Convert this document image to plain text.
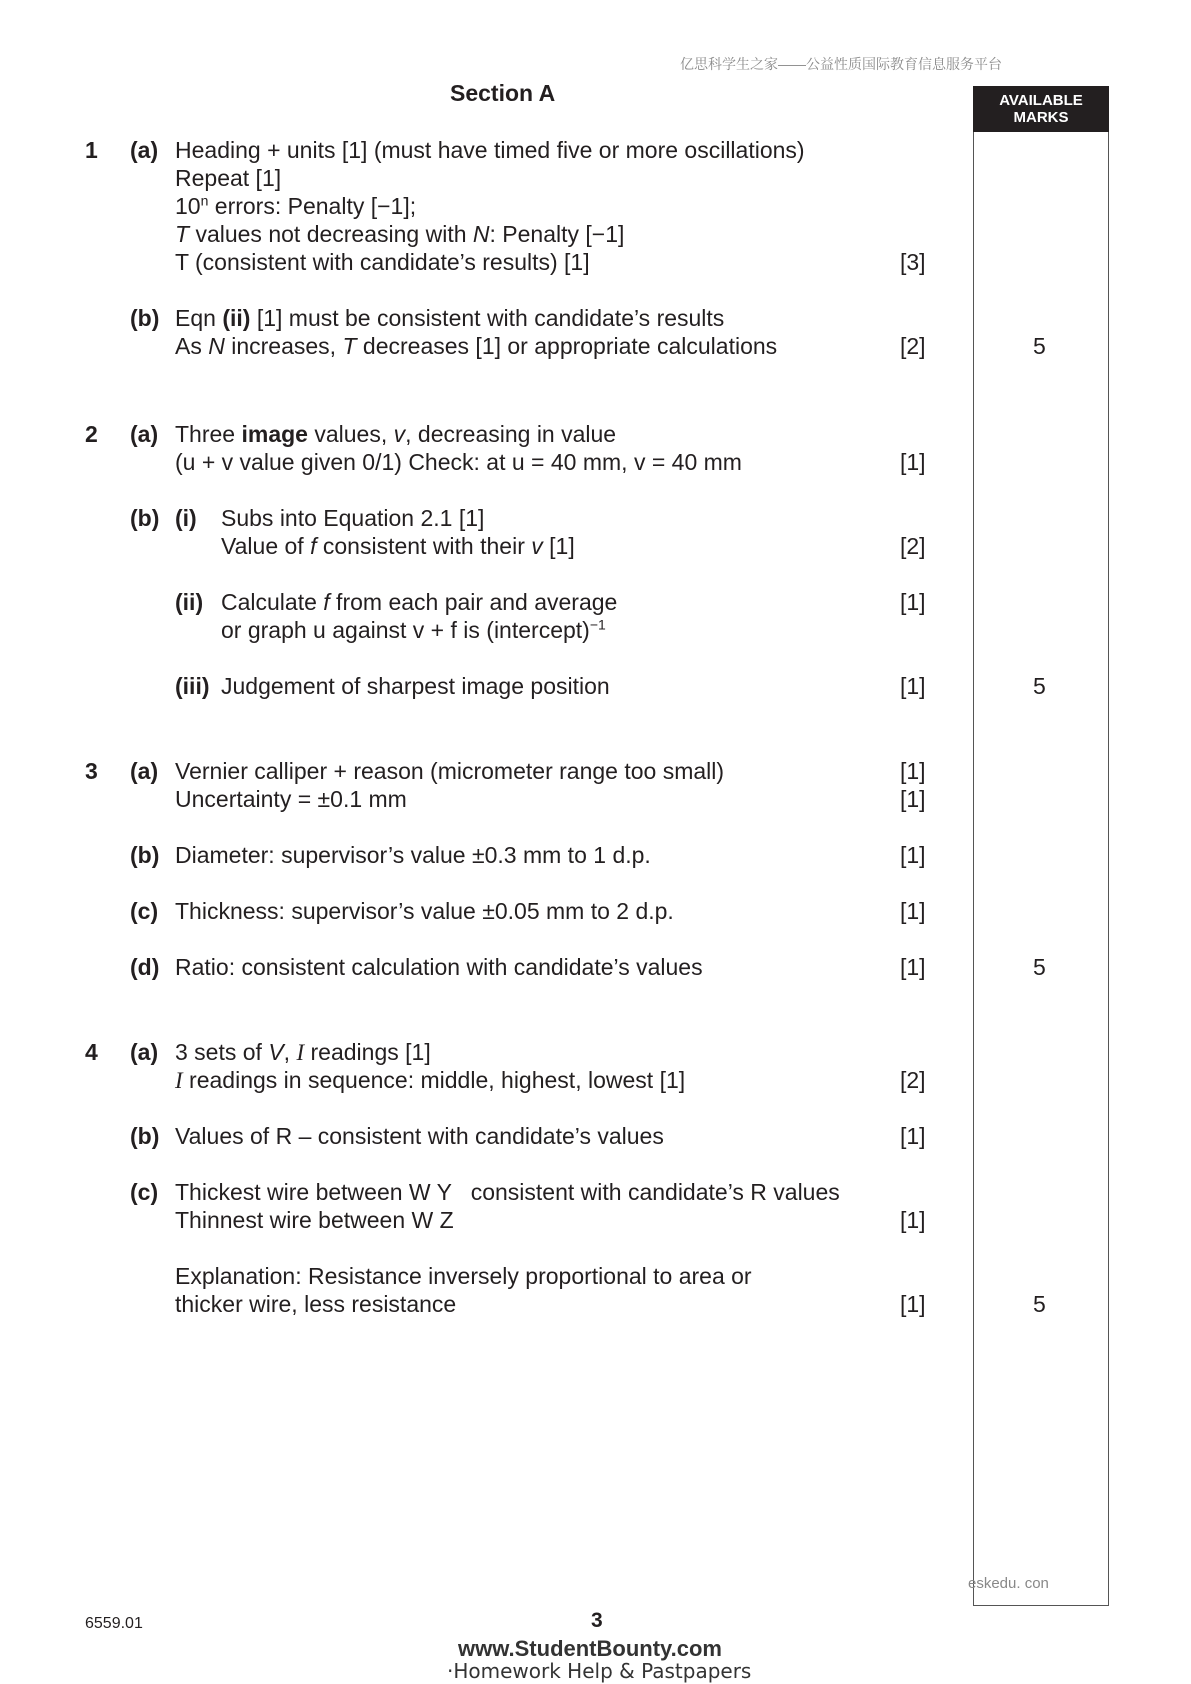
亿思科学生之家——公益性质国际教育信息服务平台
Section A	AVAILABLE
MARKS
1 (a) Heading + units [1] (must have timed five or more oscillations)
Repeat [1]
10$^n$ errors: Penalty [−1];
T values not decreasing with N: Penalty [−1]
T (consistent with candidate’s results) [1]	[3]
(b) Eqn (ii) [1] must be consistent with candidate’s results
As N increases, T decreases [1] or appropriate calculations	[2]	5
2 (a) Three image values, v, decreasing in value
(u + v value given 0/1) Check: at u = 40 mm, v = 40 mm	[1]
(b) (i) Subs into Equation 2.1 [1]
Value of f consistent with their v [1]	[2]
(ii) Calculate f from each pair and average	[1]
or graph u against v + f is (intercept)$^{-1}$
(iii) Judgement of sharpest image position	[1]	5
3 (a) Vernier calliper + reason (micrometer range too small)	[1]
Uncertainty = ±0.1 mm	[1]
(b) Diameter: supervisor’s value ±0.3 mm to 1 d.p.	[1]
(c) Thickness: supervisor’s value ±0.05 mm to 2 d.p.	[1]
(d) Ratio: consistent calculation with candidate’s values	[1]	5
4 (a) 3 sets of V, I readings [1]
I readings in sequence: middle, highest, lowest [1]	[2]
(b) Values of R – consistent with candidate’s values	[1]
(c) Thickest wire between W Y   consistent with candidate’s R values
Thinnest wire between W Z	[1]
Explanation: Resistance inversely proportional to area or
thicker wire, less resistance	[1]	5
eskedu. con
6559.01	3
www.StudentBounty.com
·Homework Help & Pastpapers
